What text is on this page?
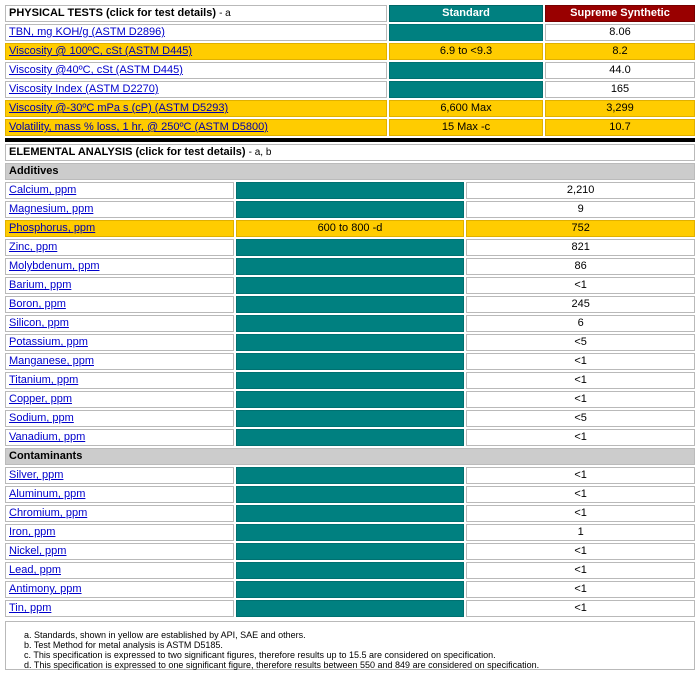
PHYSICAL TESTS (click for test details) - a	Standard	Supreme Synthetic
TBN, mg KOH/g (ASTM D2896)		8.06
Viscosity @ 100ºC, cSt (ASTM D445)	6.9 to <9.3	8.2
Viscosity @40ºC, cSt (ASTM D445)		44.0
Viscosity Index (ASTM D2270)		165
Viscosity @-30ºC mPa s (cP) (ASTM D5293)	6,600 Max	3,299
Volatility, mass % loss, 1 hr, @ 250ºC (ASTM D5800)	15 Max -c	10.7
ELEMENTAL ANALYSIS (click for test details) - a, b		
Additives		
Calcium, ppm		2,210
Magnesium, ppm		9
Phosphorus, ppm	600 to 800 -d	752
Zinc, ppm		821
Molybdenum, ppm		86
Barium, ppm		<1
Boron, ppm		245
Silicon, ppm		6
Potassium, ppm		<5
Manganese, ppm		<1
Titanium, ppm		<1
Copper, ppm		<1
Sodium, ppm		<5
Vanadium, ppm		<1
Contaminants		
Silver, ppm		<1
Aluminum, ppm		<1
Chromium, ppm		<1
Iron, ppm		1
Nickel, ppm		<1
Lead, ppm		<1
Antimony, ppm		<1
Tin, ppm		<1
a. Standards, shown in yellow are established by API, SAE and others.
b. Test Method for metal analysis is ASTM D5185.
c. This specification is expressed to two significant figures, therefore results up to 15.5 are considered on specification.
d. This specification is expressed to one significant figure, therefore results between 550 and 849 are considered on specification.
